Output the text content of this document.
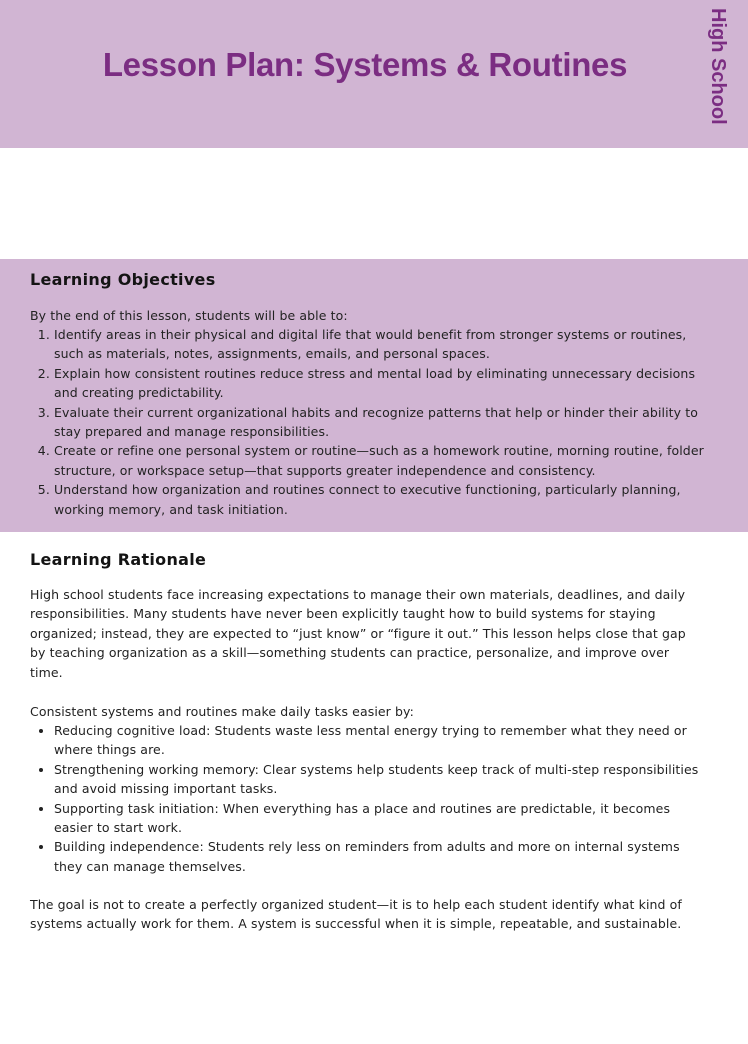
Lesson Plan: Systems & Routines	High School
Learning Objectives

By the end of this lesson, students will be able to:

1. Identify areas in their physical and digital life that would benefit from stronger systems or routines, such as materials, notes, assignments, emails, and personal spaces.
2. Explain how consistent routines reduce stress and mental load by eliminating unnecessary decisions and creating predictability.
3. Evaluate their current organizational habits and recognize patterns that help or hinder their ability to stay prepared and manage responsibilities.
4. Create or refine one personal system or routine—such as a homework routine, morning routine, folder structure, or workspace setup—that supports greater independence and consistency.
5. Understand how organization and routines connect to executive functioning, particularly planning, working memory, and task initiation.
Learning Rationale

High school students face increasing expectations to manage their own materials, deadlines, and daily responsibilities. Many students have never been explicitly taught how to build systems for staying organized; instead, they are expected to “just know” or “figure it out.” This lesson helps close that gap by teaching organization as a skill—something students can practice, personalize, and improve over time.

Consistent systems and routines make daily tasks easier by:

• Reducing cognitive load: Students waste less mental energy trying to remember what they need or where things are.
• Strengthening working memory: Clear systems help students keep track of multi-step responsibilities and avoid missing important tasks.
• Supporting task initiation: When everything has a place and routines are predictable, it becomes easier to start work.
• Building independence: Students rely less on reminders from adults and more on internal systems they can manage themselves.

The goal is not to create a perfectly organized student—it is to help each student identify what kind of systems actually work for them. A system is successful when it is simple, repeatable, and sustainable.
